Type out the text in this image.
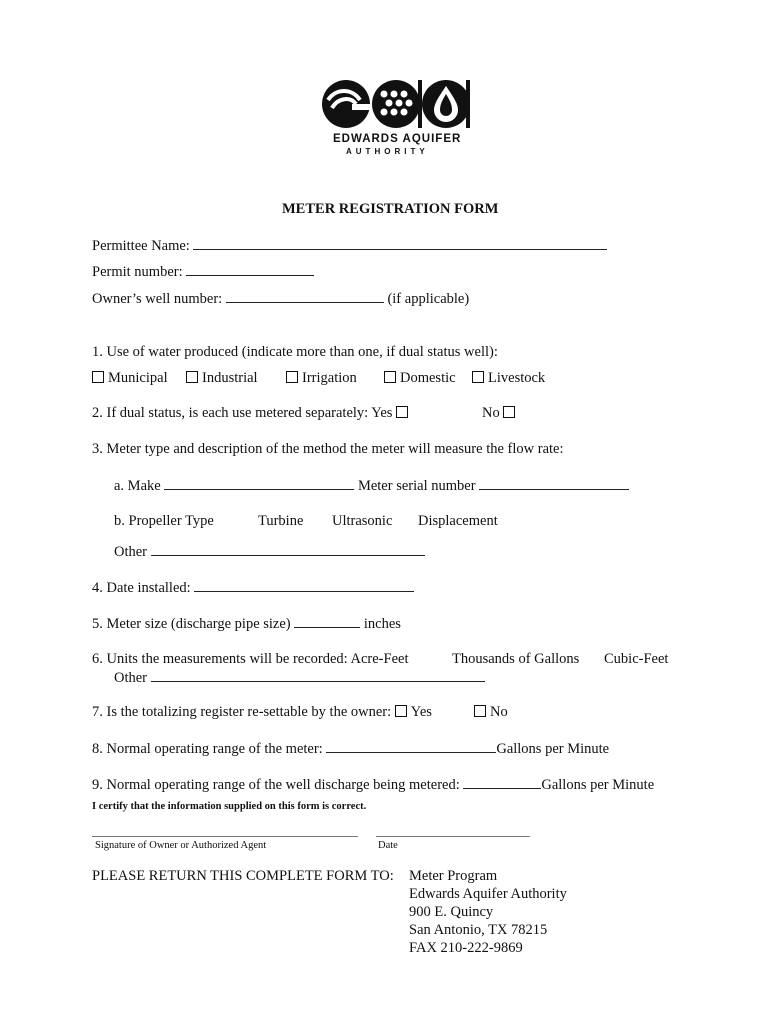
EDWARDS AQUIFER
AUTHORITY
METER REGISTRATION FORM
Permittee Name:
Permit number:
Owner’s well number:	(if applicable)
1. Use of water produced (indicate more than one, if dual status well):
Municipal	Industrial	Irrigation	Domestic	Livestock
2. If dual status, is each use metered separately: Yes	No
3. Meter type and description of the method the meter will measure the flow rate:
a. Make	Meter serial number
b. Propeller Type	Turbine Ultrasonic Displacement
Other
4. Date installed:
5. Meter size (discharge pipe size)	inches
6. Units the measurements will be recorded: Acre-Feet	Thousands of Gallons Cubic-Feet
Other
7. Is the totalizing register re-settable by the owner: Yes	No
8. Normal operating range of the meter:	Gallons per Minute
9. Normal operating range of the well discharge being metered:	Gallons per Minute
I certify that the information supplied on this form is correct.
Signature of Owner or Authorized Agent	Date
PLEASE RETURN THIS COMPLETE FORM TO: Meter Program
Edwards Aquifer Authority
900 E. Quincy
San Antonio, TX 78215
FAX 210-222-9869
